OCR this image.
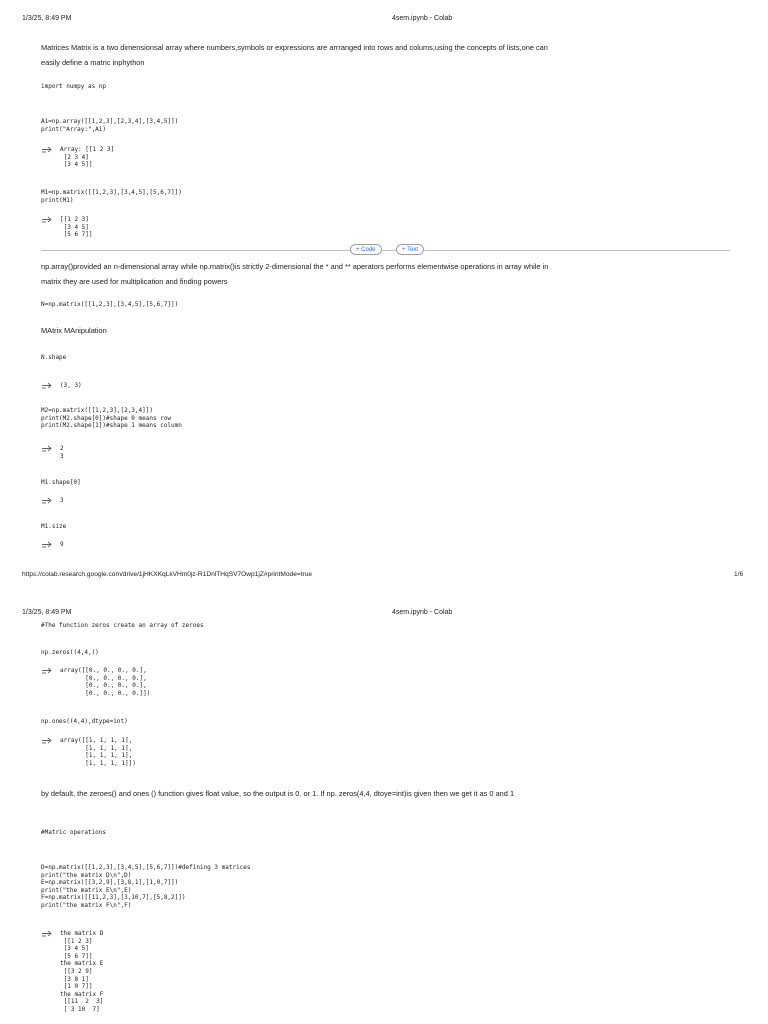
1/3/25, 8:49 PM	4sem.ipynb - Colab
Matrices Matrix is a two dimensionsal array where numbers,symbols or expressions are arrranged into rows and colums,using the concepts of lists,one can easily define a matric inphython
import numpy as np
A1=np.array([[1,2,3],[2,3,4],[3,4,5]])
print("Array:",A1)
Array: [[1 2 3]
[2 3 4]
[3 4 5]]
M1=np.matrix([[1,2,3],[3,4,5],[5,6,7]])
print(M1)
[[1 2 3]
[3 4 5]
[5 6 7]]
+ Code	+ Text
np.array()provided an n-dimensional array while np.matrix()is strictly 2-dimensional the * and ** aperators performs elementwise operations in array while in matrix they are used for multiplication and finding powers
N=np.matrix([[1,2,3],[3,4,5],[5,6,7]])
MAtrix MAnipulation
N.shape
(3, 3)
M2=np.matrix([[1,2,3],[2,3,4]])
print(M2.shape[0])#shape 0 means row
print(M2.shape[1])#shape 1 means column
2
3
M1.shape[0]
3
M1.size
9
https://colab.research.google.com/drive/1jHKXKqLkVHm0jz-R1DnlTHqSV7Owp1jZ#printMode=true	1/6
1/3/25, 8:49 PM	4sem.ipynb - Colab
#The function zeros create an array of zeroes
np.zeros((4,4,))
array([[0., 0., 0., 0.],
[0., 0., 0., 0.],
[0., 0., 0., 0.],
[0., 0., 0., 0.]])
np.ones((4,4),dtype=int)
array([[1, 1, 1, 1],
[1, 1, 1, 1],
[1, 1, 1, 1],
[1, 1, 1, 1]])
by default, the zeroes() and ones () function gives float value, so the output is 0. or 1. If np. zeros(4,4, dtoye=int)is given then we get it as 0 and 1
#Matric operations
D=np.matrix([[1,2,3],[3,4,5],[5,6,7]])#defining 3 matrices
print("the matrix D\n",D)
E=np.matrix([[3,2,9],[3,8,1],[1,0,7]])
print("the matrix E\n",E)
F=np.matrix([[11,2,3],[3,10,7],[5,8,2]])
print("the matrix F\n",F)
the matrix D
[[1 2 3]
[3 4 5]
[5 6 7]]
the matrix E
[[3 2 9]
[3 8 1]
[1 0 7]]
the matrix F
[[11  2  3]
[ 3 10  7]
